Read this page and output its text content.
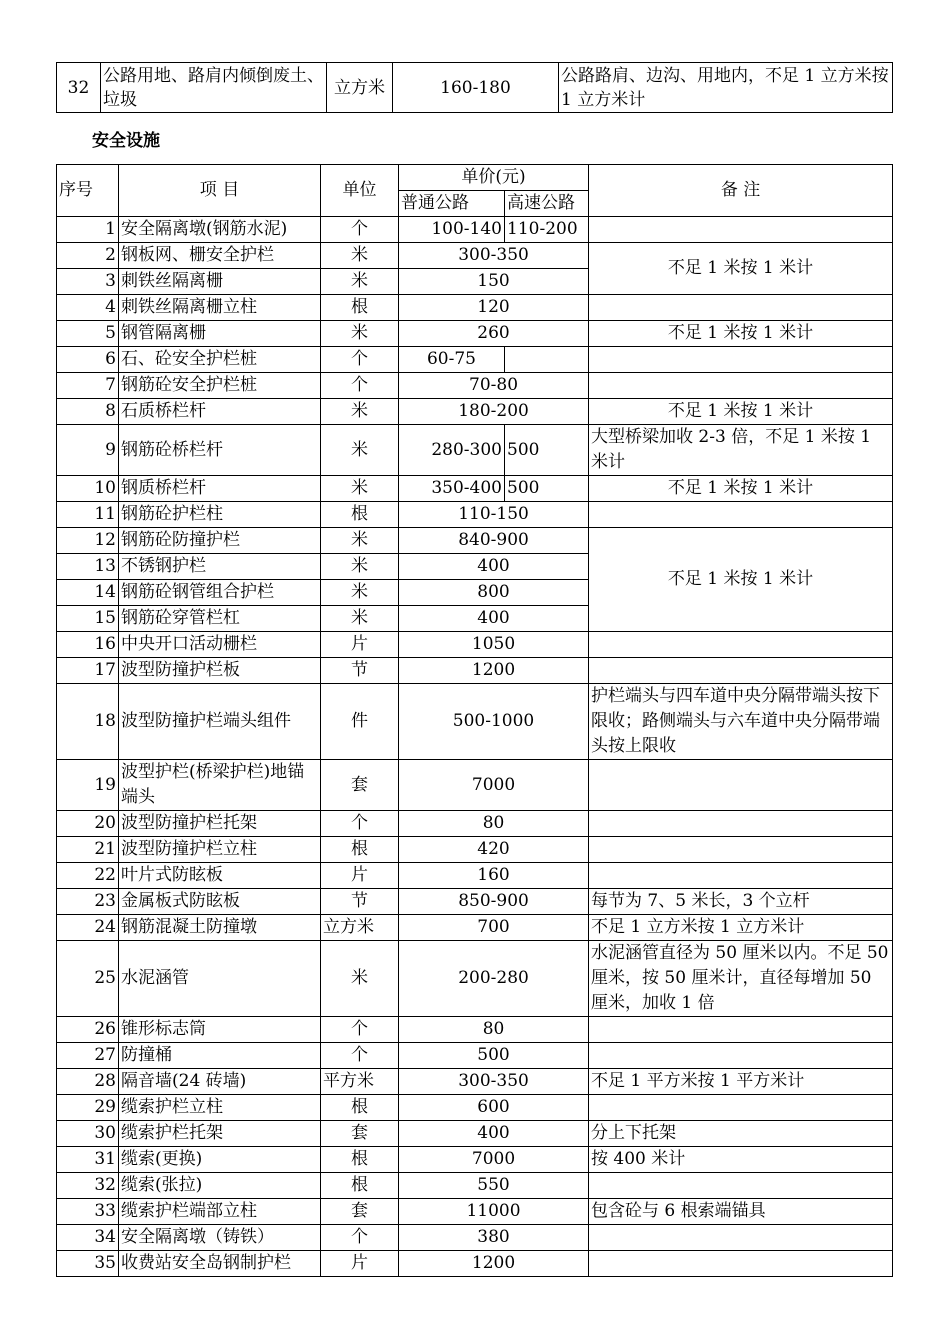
32	公路用地、路肩内倾倒废土、垃圾	立方米	160-180	公路路肩、边沟、用地内，不足 1 立方米按 1 立方米计
安全设施
序号	项 目	单位	单价(元)		备 注
			普通公路	高速公路	
1	安全隔离墩(钢筋水泥)	个	100-140	110-200	
2	钢板网、栅安全护栏	米	300-350		不足 1 米按 1 米计
3	刺铁丝隔离栅	米	150		
4	刺铁丝隔离栅立柱	根	120		
5	钢管隔离栅	米	260		不足 1 米按 1 米计
6	石、砼安全护栏桩	个	60-75		
7	钢筋砼安全护栏桩	个	70-80		
8	石质桥栏杆	米	180-200		不足 1 米按 1 米计
9	钢筋砼桥栏杆	米	280-300	500	大型桥梁加收 2-3 倍，不足 1 米按 1 米计
10	钢质桥栏杆	米	350-400	500	不足 1 米按 1 米计
11	钢筋砼护栏柱	根	110-150		
12	钢筋砼防撞护栏	米	840-900		不足 1 米按 1 米计
13	不锈钢护栏	米	400		
14	钢筋砼钢管组合护栏	米	800		
15	钢筋砼穿管栏杠	米	400		
16	中央开口活动栅栏	片	1050		
17	波型防撞护栏板	节	1200		
18	波型防撞护栏端头组件	件	500-1000		护栏端头与四车道中央分隔带端头按下限收；路侧端头与六车道中央分隔带端头按上限收
19	波型护栏(桥梁护栏)地锚端头	套	7000		
20	波型防撞护栏托架	个	80		
21	波型防撞护栏立柱	根	420		
22	叶片式防眩板	片	160		
23	金属板式防眩板	节	850-900		每节为 7、5 米长，3 个立杆
24	钢筋混凝土防撞墩	立方米	700		不足 1 立方米按 1 立方米计
25	水泥涵管	米	200-280		水泥涵管直径为 50 厘米以内。不足 50 厘米，按 50 厘米计，直径每增加 50 厘米，加收 1 倍
26	锥形标志筒	个	80		
27	防撞桶	个	500		
28	隔音墙(24 砖墙)	平方米	300-350		不足 1 平方米按 1 平方米计
29	缆索护栏立柱	根	600		
30	缆索护栏托架	套	400		分上下托架
31	缆索(更换)	根	7000		按 400 米计
32	缆索(张拉)	根	550		
33	缆索护栏端部立柱	套	11000		包含砼与 6 根索端锚具
34	安全隔离墩（铸铁）	个	380		
35	收费站安全岛钢制护栏	片	1200		
